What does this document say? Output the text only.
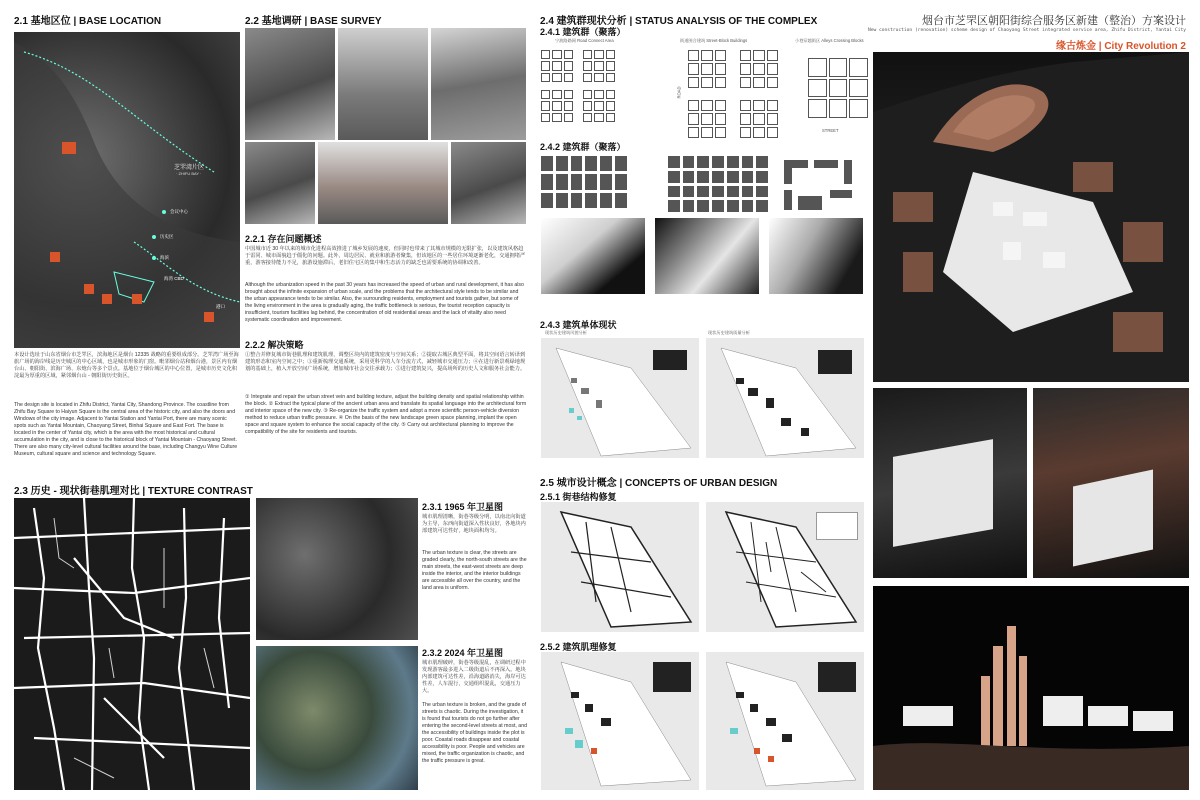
2.1 基地区位 | BASE LOCATION
芝罘湾片区
· ZHIFU BAY ·
会议中心
历史区
海滨
海湾 CBD
港口
本设计选址于山东省烟台市芝罘区，滨海地区是烟台 12335 战略的重要组成部分。芝罘湾广场至海旅广场的海岸线是历史城区的中心区域，也是城市形象的门窗。毗邻烟台站和烟台港，景区内有烟台山、朝阳街、滨海广场、东炮台等多个景点。基地位于烟台城区的中心位置，是城市历史文化积淀最为厚重的区域，紧邻烟台山 - 朝阳街历史街区。
The design site is located in Zhifu District, Yantai City, Shandong Province. The coastline from Zhifu Bay Square to Haiyun Square is the central area of the historic city, and also the doors and Windows of the city image. Adjacent to Yantai Station and Yantai Port, there are many scenic spots such as Yantai Mountain, Chaoyang Street, Binhai Square and East Fort. The base is located in the center of Yantai city, which is the area with the most historical and cultural accumulation in the city, and is close to the historical block of Yantai Mountain - Chaoyang Street. There are also many city-level cultural facilities around the base, including Changyu Wine Culture Museum, cultural square and science and technology Square.
2.2 基地调研 | BASE SURVEY
2.2.1 存在问题概述
中国城市近 30 年以来的城市化进程高效推进了城乡发展的速度，但同时也带来了其城市规模的无限扩张，以及建筑风格趋于雷同、城市面貌趋于僵化的问题。此外，周边居民、就业和旅游者聚集，但该地区的一些居住环境逐渐老化，交通拥堵严重，游客接待能力不足，旅游设施滞后，老旧住宅区的集中和生态活力的缺乏也需要系统的协调和改善。
Although the urbanization speed in the past 30 years has increased the speed of urban and rural development, it has also brought about the infinite expansion of urban scale, and the problems that the architectural style tends to be similar and the urban appearance tends to be similar. Also, the surrounding residents, employment and tourists gather, but some of the living environment in the area is gradually aging, the traffic bottleneck is serious, the tourist reception capacity is insufficient, tourism facilities lag behind, the concentration of old residential areas and the lack of vitality also need systematic coordination and improvement.
2.2.2 解决策略
①整合并修复城市街巷肌理和建筑肌理，调整区块内的建筑密度与空间关系；②提取古城区典型平面，将其空间语言转译到建筑形态和室内空间之中；③重新梳理交通系统，采用更科学的人车分流方式，减轻城市交通压力；④在进行新景观绿地规划的基础上，植入开放空间广场系统，增加城市社会交往承载力；⑤进行建筑复兴，提高场所的历史人文和服务社会能力。
① Integrate and repair the urban street vein and building texture, adjust the building density and spatial relationship within the block. ② Extract the typical plane of the ancient urban area and translate its spatial language into the architectural form and interior space of the new city. ③ Re-organize the traffic system and adopt a more scientific person-vehicle diversion method to reduce urban traffic pressure. ④ On the basis of the new landscape green space planning, implant the open space and square system to enhance the social capacity of the city. ⑤ Carry out architectural planning to improve the compatibility of the site for residents and tourists.
2.3 历史 - 现状街巷肌理对比 | TEXTURE CONTRAST
2.3.1 1965 年卫星图
城市肌理清晰，街巷等级分明，以南北向街道为主导，东西向街道深入性状良好，各地块内部建筑可达性好，地块面积均匀。
The urban texture is clear, the streets are graded clearly, the north-south streets are the main streets, the east-west streets are deep inside the interior, and the interior buildings are accessible all over the country, and the land area is uniform.
2.3.2 2024 年卫星图
城市肌理破碎，街巷等级混乱，在调研过程中发现游客最多进入二级街道后不再深入。地块内部建筑可达性差，沿海道路消失，海岸可达性差，人车混行，交通组织混乱，交通压力大。
The urban texture is broken, and the grade of streets is chaotic. During the investigation, it is found that tourists do not go further after entering the second-level streets at most, and the accessibility of buildings inside the plot is poor. Coastal roads disappear and coastal accessibility is poor. People and vehicles are mixed, the traffic organization is chaotic, and the traffic pressure is great.
2.4 建筑群现状分析 | STATUS ANALYSIS OF THE COMPLEX
2.4.1 建筑群（聚落）
宁波路路网 Road Connect Area	街道围合建筑 Street-Block Buildings	小巷穿越街区 Alleys Crossing Blocks
ROAD
STREET
2.4.2 建筑群（聚落）
2.4.3 建筑单体现状
现状历史建筑风貌分析	现状历史建筑质量分析
2.5 城市设计概念 | CONCEPTS OF URBAN DESIGN
2.5.1 街巷结构修复
2.5.2 建筑肌理修复
烟台市芝罘区朝阳街综合服务区新建（整治）方案设计
New construction (renovation) scheme design of Chaoyang Street integrated service area, Zhifu District, Yantai City
缘古炼金 | City Revolution 2
